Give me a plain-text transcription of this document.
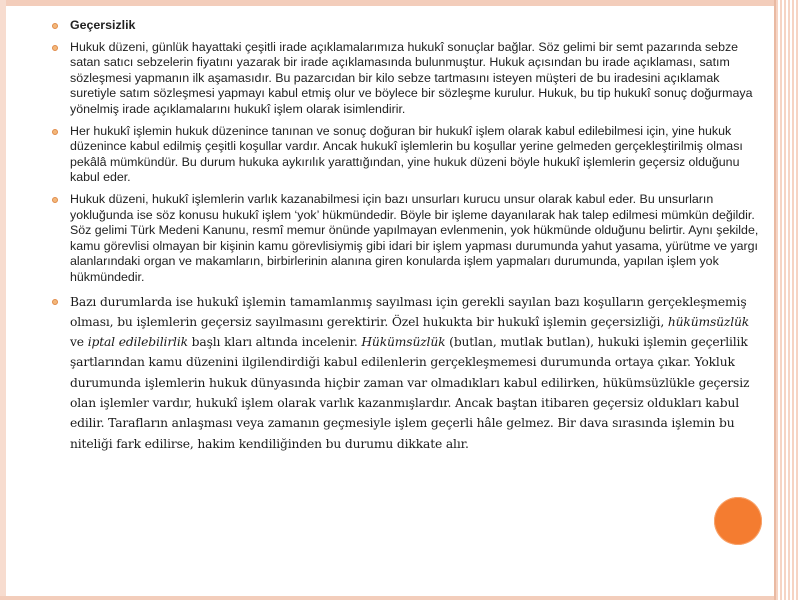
Geçersizlik
Hukuk düzeni, günlük hayattaki çeşitli irade açıklamalarımıza hukukî sonuçlar bağlar. Söz gelimi bir semt pazarında sebze satan satıcı sebzelerin fiyatını yazarak bir irade açıklamasında bulunmuştur. Hukuk açısından bu irade açıklaması, satım sözleşmesi yapmanın ilk aşamasıdır. Bu pazarcıdan bir kilo sebze tartmasını isteyen müşteri de bu iradesini açıklamak suretiyle satım sözleşmesi yapmayı kabul etmiş olur ve böylece bir sözleşme kurulur. Hukuk, bu tip hukukî sonuç doğurmaya yönelmiş irade açıklamalarını hukukî işlem olarak isimlendirir.
Her hukukî işlemin hukuk düzenince tanınan ve sonuç doğuran bir hukukî işlem olarak kabul edilebilmesi için, yine hukuk düzenince kabul edilmiş çeşitli koşullar vardır. Ancak hukukî işlemlerin bu koşullar yerine gelmeden gerçekleştirilmiş olması pekâlâ mümkündür. Bu durum hukuka aykırılık yarattığından, yine hukuk düzeni böyle hukukî işlemlerin geçersiz olduğunu kabul eder.
Hukuk düzeni, hukukî işlemlerin varlık kazanabilmesi için bazı unsurları kurucu unsur olarak kabul eder. Bu unsurların yokluğunda ise söz konusu hukukî işlem ‘yok’ hükmündedir. Böyle bir işleme dayanılarak hak talep edilmesi mümkün değildir. Söz gelimi Türk Medeni Kanunu, resmî memur önünde yapılmayan evlenmenin, yok hükmünde olduğunu belirtir. Aynı şekilde, kamu görevlisi olmayan bir kişinin kamu görevlisiymiş gibi idari bir işlem yapması durumunda yahut yasama, yürütme ve yargı alanlarındaki organ ve makamların, birbirlerinin alanına giren konularda işlem yapmaları durumunda, yapılan işlem yok hükmündedir.
Bazı durumlarda ise hukukî işlemin tamamlanmış sayılması için gerekli sayılan bazı koşulların gerçekleşmemiş olması, bu işlemlerin geçersiz sayılmasını gerektirir. Özel hukukta bir hukukî işlemin geçersizliği, hükümsüzlük ve iptal edilebilirlik başlı kları altında incelenir. Hükümsüzlük (butlan, mutlak butlan), hukuki işlemin geçerlilik şartlarından kamu düzenini ilgilendirdiği kabul edilenlerin gerçekleşmemesi durumunda ortaya çıkar. Yokluk durumunda işlemlerin hukuk dünyasında hiçbir zaman var olmadıkları kabul edilirken, hükümsüzlükle geçersiz olan işlemler vardır, hukukî işlem olarak varlık kazanmışlardır. Ancak baştan itibaren geçersiz oldukları kabul edilir. Tarafların anlaşması veya zamanın geçmesiyle işlem geçerli hâle gelmez. Bir dava sırasında işlemin bu niteliği fark edilirse, hakim kendiliğinden bu durumu dikkate alır.
